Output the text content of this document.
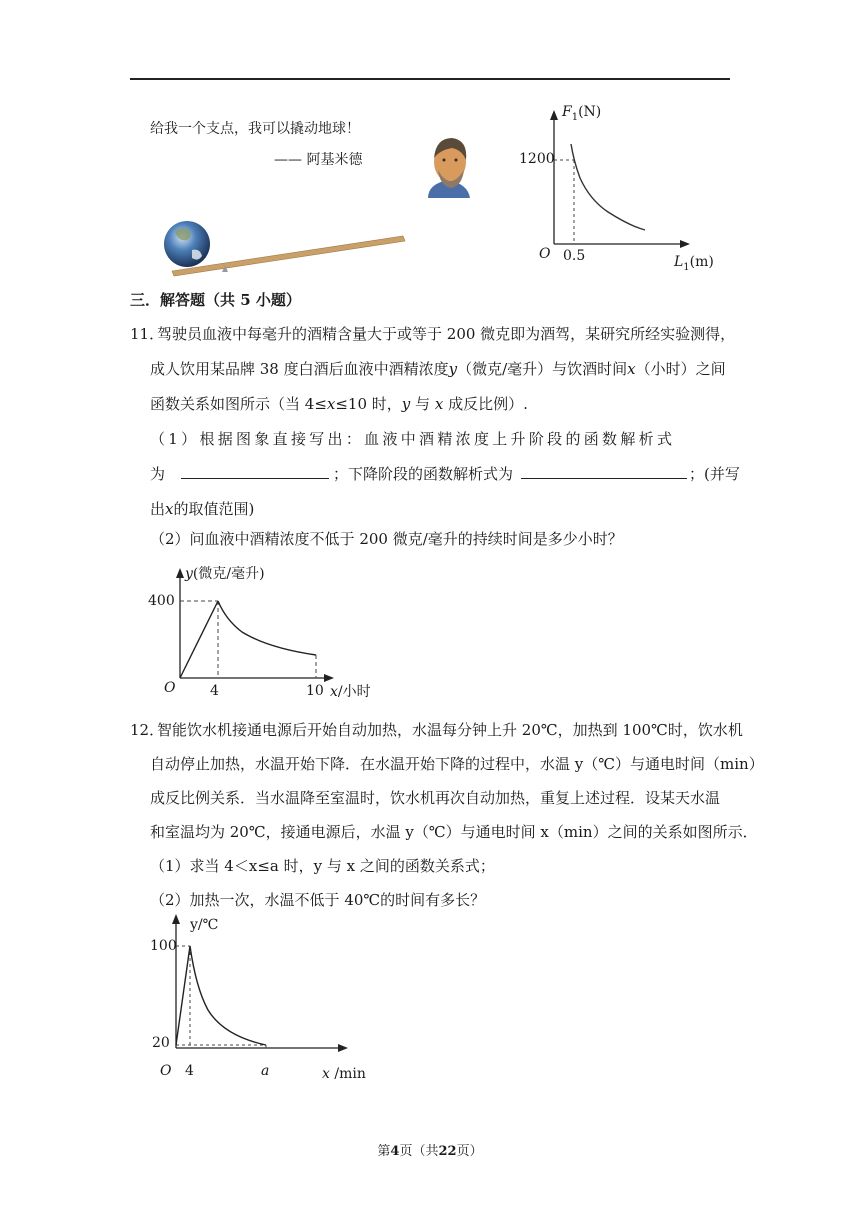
给我一个支点，我可以撬动地球！
—— 阿基米德
$F_1(N)$
1200
O 0.5	$L_1(m)$
三．解答题（共 5 小题）
11．
驾驶员血液中每毫升的酒精含量大于或等于 200 微克即为酒驾，某研究所经实验测得，
成人饮用某品牌 38 度白酒后血液中酒精浓度y（微克/毫升）与饮酒时间x（小时）之间
函数关系如图所示（当 4≤x≤10 时，y 与 x 成反比例）.
（1）根据图象直接写出：血液中酒精浓度上升阶段的函数解析式
为	；下降阶段的函数解析式为	；(并写
出x的取值范围)
（2）问血液中酒精浓度不低于 200 微克/毫升的持续时间是多少小时？
y(微克/毫升)
400
O 4	10 x/小时
12．
智能饮水机接通电源后开始自动加热，水温每分钟上升 20℃，加热到 100℃时，饮水机
自动停止加热，水温开始下降．在水温开始下降的过程中，水温 y（℃）与通电时间（min）
成反比例关系．当水温降至室温时，饮水机再次自动加热，重复上述过程．设某天水温
和室温均为 20℃，接通电源后，水温 y（℃）与通电时间 x（min）之间的关系如图所示．
（1）求当 4＜x≤a 时，y 与 x 之间的函数关系式；
（2）加热一次，水温不低于 40℃的时间有多长？
y/℃
100
20
O 4	a	x /min
第4页（共22页）
